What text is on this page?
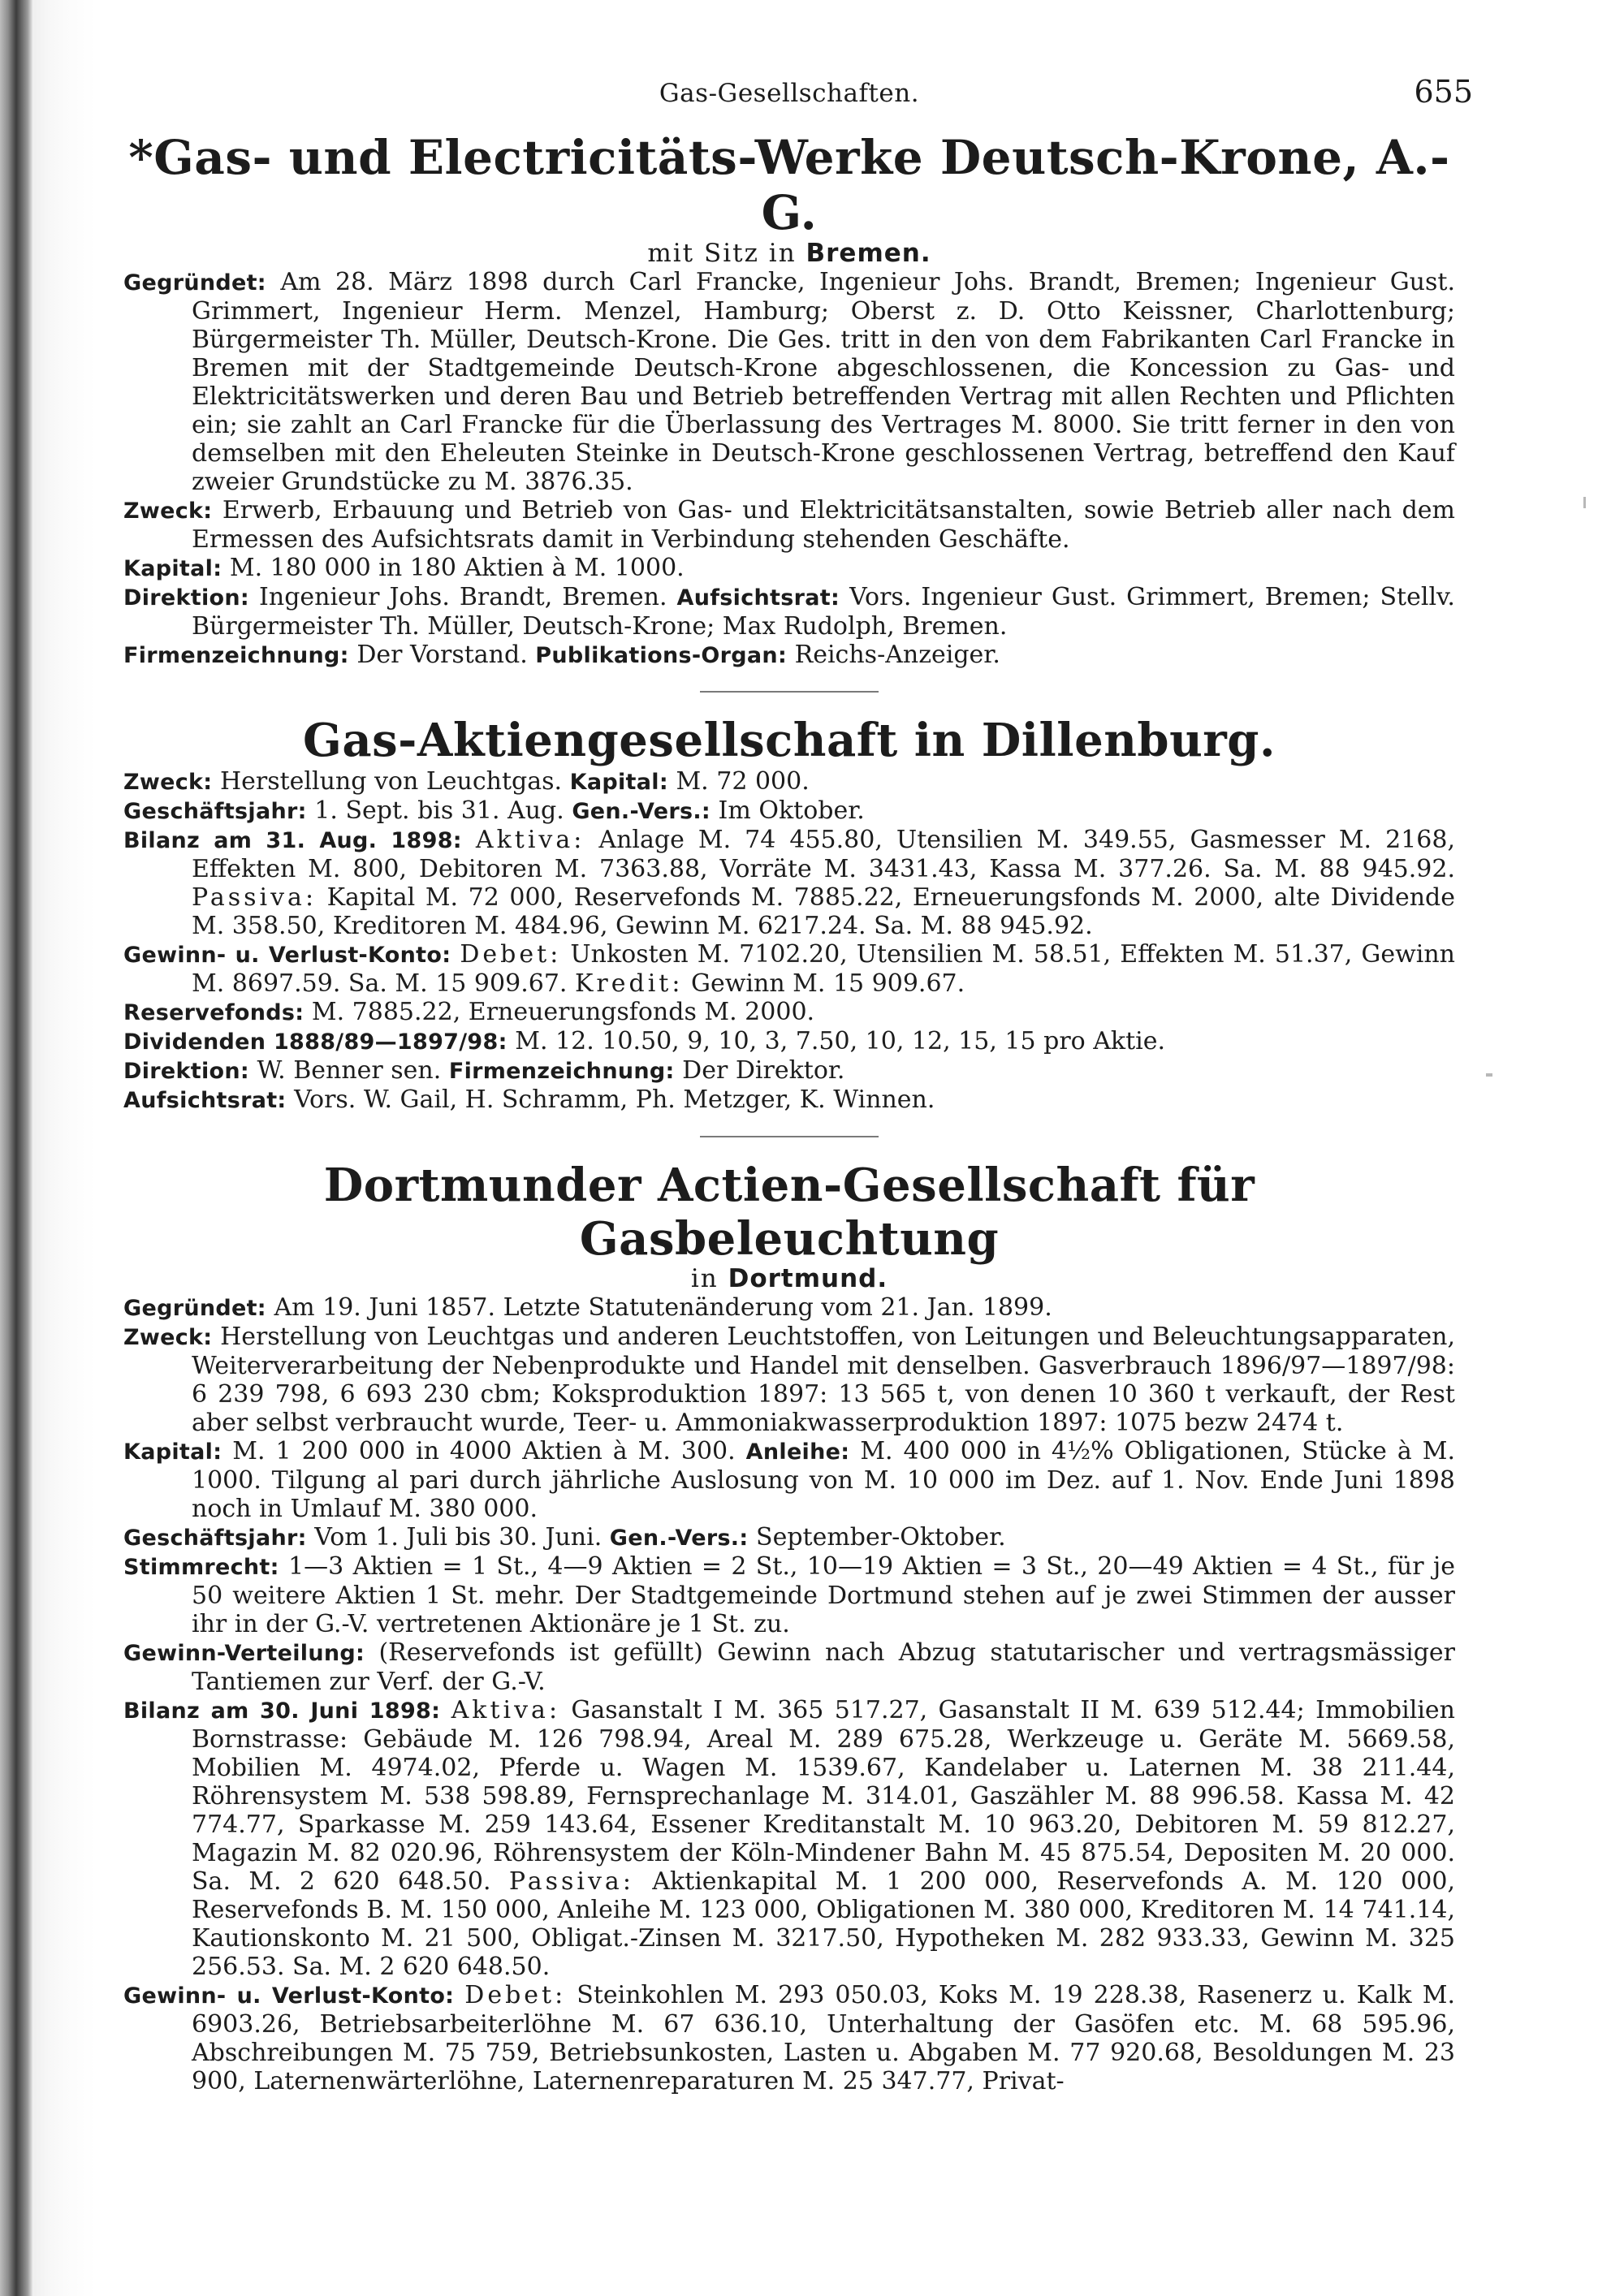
Gas-Gesellschaften.	655
*Gas- und Electricitäts-Werke Deutsch-Krone, A.-G.
mit Sitz in Bremen.

Gegründet: Am 28. März 1898 durch Carl Francke, Ingenieur Johs. Brandt, Bremen; Ingenieur Gust. Grimmert, Ingenieur Herm. Menzel, Hamburg; Oberst z. D. Otto Keissner, Charlottenburg; Bürgermeister Th. Müller, Deutsch-Krone. Die Ges. tritt in den von dem Fabrikanten Carl Francke in Bremen mit der Stadtgemeinde Deutsch-Krone abgeschlossenen, die Koncession zu Gas- und Elektricitätswerken und deren Bau und Betrieb betreffenden Vertrag mit allen Rechten und Pflichten ein; sie zahlt an Carl Francke für die Überlassung des Vertrages M. 8000. Sie tritt ferner in den von demselben mit den Eheleuten Steinke in Deutsch-Krone geschlossenen Vertrag, betreffend den Kauf zweier Grundstücke zu M. 3876.35.

Zweck: Erwerb, Erbauung und Betrieb von Gas- und Elektricitätsanstalten, sowie Betrieb aller nach dem Ermessen des Aufsichtsrats damit in Verbindung stehenden Geschäfte.

Kapital: M. 180 000 in 180 Aktien à M. 1000.

Direktion: Ingenieur Johs. Brandt, Bremen. Aufsichtsrat: Vors. Ingenieur Gust. Grimmert, Bremen; Stellv. Bürgermeister Th. Müller, Deutsch-Krone; Max Rudolph, Bremen.

Firmenzeichnung: Der Vorstand. Publikations-Organ: Reichs-Anzeiger.

Gas-Aktiengesellschaft in Dillenburg.

Zweck: Herstellung von Leuchtgas. Kapital: M. 72 000.

Geschäftsjahr: 1. Sept. bis 31. Aug. Gen.-Vers.: Im Oktober.

Bilanz am 31. Aug. 1898: Aktiva: Anlage M. 74 455.80, Utensilien M. 349.55, Gasmesser M. 2168, Effekten M. 800, Debitoren M. 7363.88, Vorräte M. 3431.43, Kassa M. 377.26. Sa. M. 88 945.92. Passiva: Kapital M. 72 000, Reservefonds M. 7885.22, Erneuerungsfonds M. 2000, alte Dividende M. 358.50, Kreditoren M. 484.96, Gewinn M. 6217.24. Sa. M. 88 945.92.

Gewinn- u. Verlust-Konto: Debet: Unkosten M. 7102.20, Utensilien M. 58.51, Effekten M. 51.37, Gewinn M. 8697.59. Sa. M. 15 909.67. Kredit: Gewinn M. 15 909.67.

Reservefonds: M. 7885.22, Erneuerungsfonds M. 2000.

Dividenden 1888/89—1897/98: M. 12. 10.50, 9, 10, 3, 7.50, 10, 12, 15, 15 pro Aktie.

Direktion: W. Benner sen. Firmenzeichnung: Der Direktor.

Aufsichtsrat: Vors. W. Gail, H. Schramm, Ph. Metzger, K. Winnen.

Dortmunder Actien-Gesellschaft für Gasbeleuchtung
in Dortmund.

Gegründet: Am 19. Juni 1857. Letzte Statutenänderung vom 21. Jan. 1899.

Zweck: Herstellung von Leuchtgas und anderen Leuchtstoffen, von Leitungen und Beleuchtungsapparaten, Weiterverarbeitung der Nebenprodukte und Handel mit denselben. Gasverbrauch 1896/97—1897/98: 6 239 798, 6 693 230 cbm; Koksproduktion 1897: 13 565 t, von denen 10 360 t verkauft, der Rest aber selbst verbraucht wurde, Teer- u. Ammoniakwasserproduktion 1897: 1075 bezw 2474 t.

Kapital: M. 1 200 000 in 4000 Aktien à M. 300. Anleihe: M. 400 000 in 4½% Obligationen, Stücke à M. 1000. Tilgung al pari durch jährliche Auslosung von M. 10 000 im Dez. auf 1. Nov. Ende Juni 1898 noch in Umlauf M. 380 000.

Geschäftsjahr: Vom 1. Juli bis 30. Juni. Gen.-Vers.: September-Oktober.

Stimmrecht: 1—3 Aktien = 1 St., 4—9 Aktien = 2 St., 10—19 Aktien = 3 St., 20—49 Aktien = 4 St., für je 50 weitere Aktien 1 St. mehr. Der Stadtgemeinde Dortmund stehen auf je zwei Stimmen der ausser ihr in der G.-V. vertretenen Aktionäre je 1 St. zu.

Gewinn-Verteilung: (Reservefonds ist gefüllt) Gewinn nach Abzug statutarischer und vertragsmässiger Tantiemen zur Verf. der G.-V.

Bilanz am 30. Juni 1898: Aktiva: Gasanstalt I M. 365 517.27, Gasanstalt II M. 639 512.44; Immobilien Bornstrasse: Gebäude M. 126 798.94, Areal M. 289 675.28, Werkzeuge u. Geräte M. 5669.58, Mobilien M. 4974.02, Pferde u. Wagen M. 1539.67, Kandelaber u. Laternen M. 38 211.44, Röhrensystem M. 538 598.89, Fernsprechanlage M. 314.01, Gaszähler M. 88 996.58. Kassa M. 42 774.77, Sparkasse M. 259 143.64, Essener Kreditanstalt M. 10 963.20, Debitoren M. 59 812.27, Magazin M. 82 020.96, Röhrensystem der Köln-Mindener Bahn M. 45 875.54, Depositen M. 20 000. Sa. M. 2 620 648.50. Passiva: Aktienkapital M. 1 200 000, Reservefonds A. M. 120 000, Reservefonds B. M. 150 000, Anleihe M. 123 000, Obligationen M. 380 000, Kreditoren M. 14 741.14, Kautionskonto M. 21 500, Obligat.-Zinsen M. 3217.50, Hypotheken M. 282 933.33, Gewinn M. 325 256.53. Sa. M. 2 620 648.50.

Gewinn- u. Verlust-Konto: Debet: Steinkohlen M. 293 050.03, Koks M. 19 228.38, Rasenerz u. Kalk M. 6903.26, Betriebsarbeiterlöhne M. 67 636.10, Unterhaltung der Gasöfen etc. M. 68 595.96, Abschreibungen M. 75 759, Betriebsunkosten, Lasten u. Abgaben M. 77 920.68, Besoldungen M. 23 900, Laternenwärterlöhne, Laternenreparaturen M. 25 347.77, Privat-
